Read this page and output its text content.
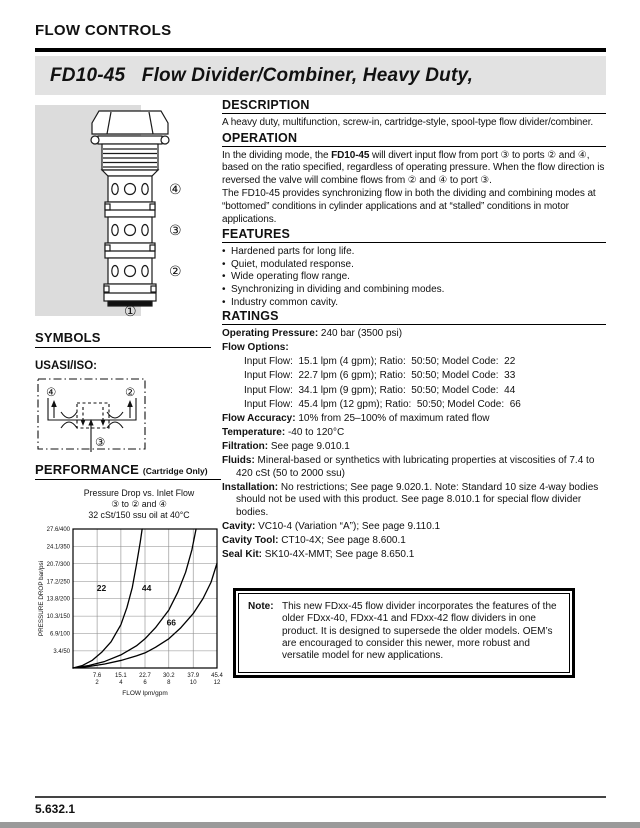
FLOW CONTROLS
FD10-45   Flow Divider/Combiner, Heavy Duty,
④
③
②
①
SYMBOLS
USASI/ISO:
④	②
③
PERFORMANCE (Cartridge Only)
Pressure Drop vs. Inlet Flow
③ to ② and ④
32 cSt/150 ssu oil at 40°C
3.4/50
6.9/100
10.3/150
13.8/200
17.2/250
20.7/300
24.1/350
27.6/400
7.6
2
15.1
4
22.7
6
30.2
8
37.9
10
45.4
12
PRESSURE DROP bar/psi
FLOW lpm/gpm
22	44
66
DESCRIPTION
A heavy duty, multifunction, screw-in, cartridge-style, spool-type flow divider/combiner.
OPERATION
In the dividing mode, the FD10-45 will divert input flow from port ③ to ports ② and ④, based on the ratio specified, regardless of operating pressure. When the flow direction is reversed the valve will combine flows from ② and ④ to port ③.
The FD10-45 provides synchronizing flow in both the dividing and combining modes at “bottomed” conditions in cylinder applications and at “stalled” conditions in motor applications.
FEATURES
• Hardened parts for long life.
• Quiet, modulated response.
• Wide operating flow range.
• Synchronizing in dividing and combining modes.
• Industry common cavity.
RATINGS
Operating Pressure: 240 bar (3500 psi)
Flow Options:
Input Flow:  15.1 lpm (4 gpm); Ratio:  50:50; Model Code:  22
Input Flow:  22.7 lpm (6 gpm); Ratio:  50:50; Model Code:  33
Input Flow:  34.1 lpm (9 gpm); Ratio:  50:50; Model Code:  44
Input Flow:  45.4 lpm (12 gpm); Ratio:  50:50; Model Code:  66
Flow Accuracy: 10% from 25–100% of maximum rated flow
Temperature: -40 to 120°C
Filtration: See page 9.010.1
Fluids: Mineral-based or synthetics with lubricating properties at viscosities of 7.4 to 420 cSt (50 to 2000 ssu)
Installation: No restrictions; See page 9.020.1. Note: Standard 10 size 4-way bodies should not be used with this product. See page 8.010.1 for special flow divider bodies.
Cavity: VC10-4 (Variation “A”); See page 9.110.1
Cavity Tool: CT10-4X; See page 8.600.1
Seal Kit: SK10-4X-MMT; See page 8.650.1
Note: This new FDxx-45 flow divider incorporates the features of the older FDxx-40, FDxx-41 and FDxx-42 flow dividers in one product. It is designed to supersede the older models. OEM’s are encouraged to consider this newer, more robust and versatile model for new applications.
5.632.1
